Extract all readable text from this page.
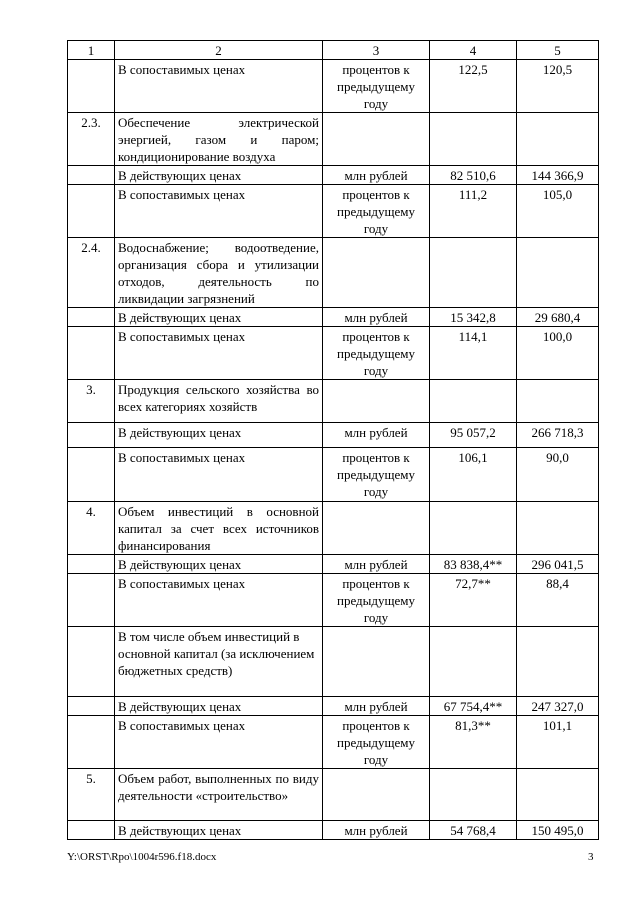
1	2	3	4	5
	В сопоставимых ценах	процентов к предыдущему году	122,5	120,5
2.3.	Обеспечение электрической энергией, газом и паром; кондиционирование воздуха			
	В действующих ценах	млн рублей	82 510,6	144 366,9
	В сопоставимых ценах	процентов к предыдущему году	111,2	105,0
2.4.	Водоснабжение; водоотведение, организация сбора и утилизации отходов, деятельность по ликвидации загрязнений			
	В действующих ценах	млн рублей	15 342,8	29 680,4
	В сопоставимых ценах	процентов к предыдущему году	114,1	100,0
3.	Продукция сельского хозяйства во всех категориях хозяйств			
	В действующих ценах	млн рублей	95 057,2	266 718,3
	В сопоставимых ценах	процентов к предыдущему году	106,1	90,0
4.	Объем инвестиций в основной капитал за счет всех источников финансирования			
	В действующих ценах	млн рублей	83 838,4**	296 041,5
	В сопоставимых ценах	процентов к предыдущему году	72,7**	88,4
	В том числе объем инвестиций в основной капитал (за исключением бюджетных средств)			
	В действующих ценах	млн рублей	67 754,4**	247 327,0
	В сопоставимых ценах	процентов к предыдущему году	81,3**	101,1
5.	Объем работ, выполненных по виду деятельности «строительство»			
	В действующих ценах	млн рублей	54 768,4	150 495,0
Y:\ORST\Rpo\1004r596.f18.docx	3
